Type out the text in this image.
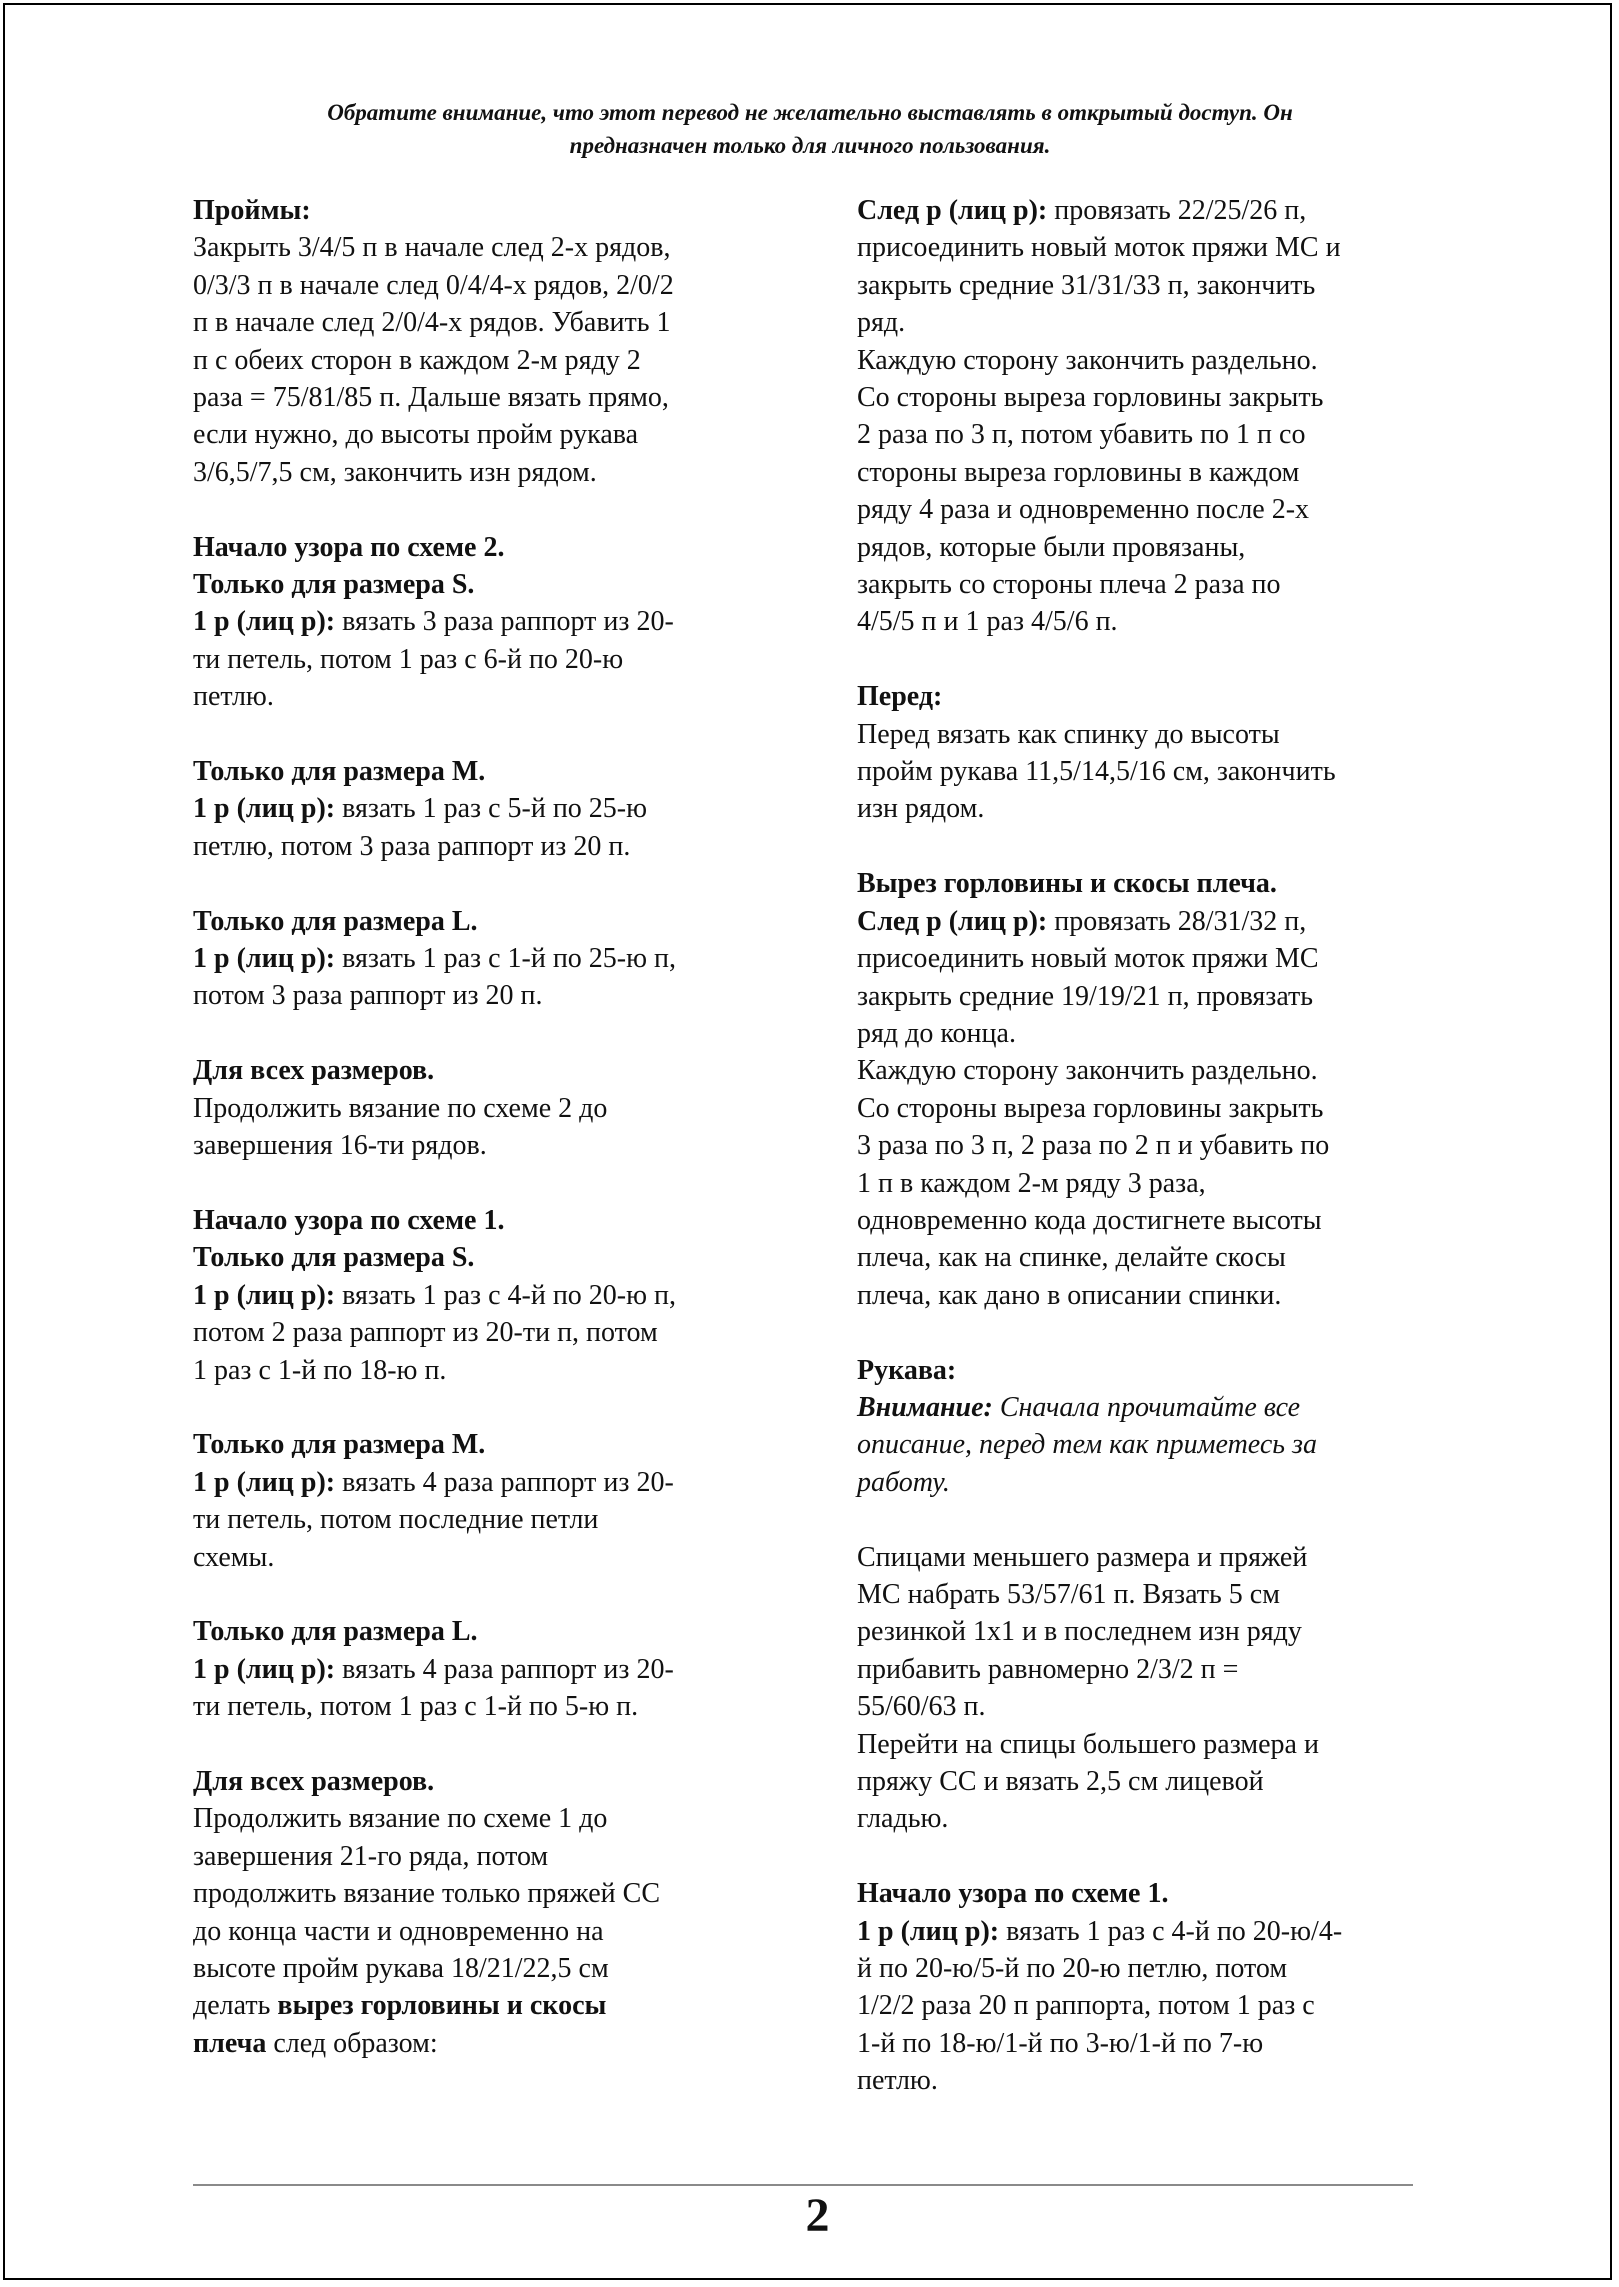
Обратите внимание, что этот перевод не желательно выставлять в открытый доступ. Он
предназначен только для личного пользования.

Проймы:

Закрыть 3/4/5 п в начале след 2-х рядов,

0/3/3 п в начале след 0/4/4-х рядов, 2/0/2

п в начале след 2/0/4-х рядов. Убавить 1

п с обеих сторон в каждом 2-м ряду 2

раза = 75/81/85 п. Дальше вязать прямо,

если нужно, до высоты пройм рукава

3/6,5/7,5 см, закончить изн рядом.

Начало узора по схеме 2.

Только для размера S.

1 р (лиц р): вязать 3 раза раппорт из 20-

ти петель, потом 1 раз с 6-й по 20-ю

петлю.

Только для размера М.

1 р (лиц р): вязать 1 раз с 5-й по 25-ю

петлю, потом 3 раза раппорт из 20 п.

Только для размера L.

1 р (лиц р): вязать 1 раз с 1-й по 25-ю п,

потом 3 раза раппорт из 20 п.

Для всех размеров.

Продолжить вязание по схеме 2 до

завершения 16-ти рядов.

Начало узора по схеме 1.

Только для размера S.

1 р (лиц р): вязать 1 раз с 4-й по 20-ю п,

потом 2 раза раппорт из 20-ти п, потом

1 раз с 1-й по 18-ю п.

Только для размера М.

1 р (лиц р): вязать 4 раза раппорт из 20-

ти петель, потом последние петли

схемы.

Только для размера L.

1 р (лиц р): вязать 4 раза раппорт из 20-

ти петель, потом 1 раз с 1-й по 5-ю п.

Для всех размеров.

Продолжить вязание по схеме 1 до

завершения 21-го ряда, потом

продолжить вязание только пряжей СС

до конца части и одновременно на

высоте пройм рукава 18/21/22,5 см

делать вырез горловины и скосы

плеча след образом:

След р (лиц р): провязать 22/25/26 п,

присоединить новый моток пряжи МС и

закрыть средние 31/31/33 п, закончить

ряд.

Каждую сторону закончить раздельно.

Со стороны выреза горловины закрыть

2 раза по 3 п, потом убавить по 1 п со

стороны выреза горловины в каждом

ряду 4 раза и одновременно после 2-х

рядов, которые были провязаны,

закрыть со стороны плеча 2 раза по

4/5/5 п и 1 раз 4/5/6 п.

Перед:

Перед вязать как спинку до высоты

пройм рукава 11,5/14,5/16 см, закончить

изн рядом.

Вырез горловины и скосы плеча.

След р (лиц р): провязать 28/31/32 п,

присоединить новый моток пряжи МС

закрыть средние 19/19/21 п, провязать

ряд до конца.

Каждую сторону закончить раздельно.

Со стороны выреза горловины закрыть

3 раза по 3 п, 2 раза по 2 п и убавить по

1 п в каждом 2-м ряду 3 раза,

одновременно кода достигнете высоты

плеча, как на спинке, делайте скосы

плеча, как дано в описании спинки.

Рукава:

Внимание: Сначала прочитайте все

описание, перед тем как приметесь за

работу.

Спицами меньшего размера и пряжей

МС набрать 53/57/61 п. Вязать 5 см

резинкой 1х1 и в последнем изн ряду

прибавить равномерно 2/3/2 п =

55/60/63 п.

Перейти на спицы большего размера и

пряжу СС и вязать 2,5 см лицевой

гладью.

Начало узора по схеме 1.

1 р (лиц р): вязать 1 раз с 4-й по 20-ю/4-

й по 20-ю/5-й по 20-ю петлю, потом

1/2/2 раза 20 п раппорта, потом 1 раз с

1-й по 18-ю/1-й по 3-ю/1-й по 7-ю

петлю.

2
